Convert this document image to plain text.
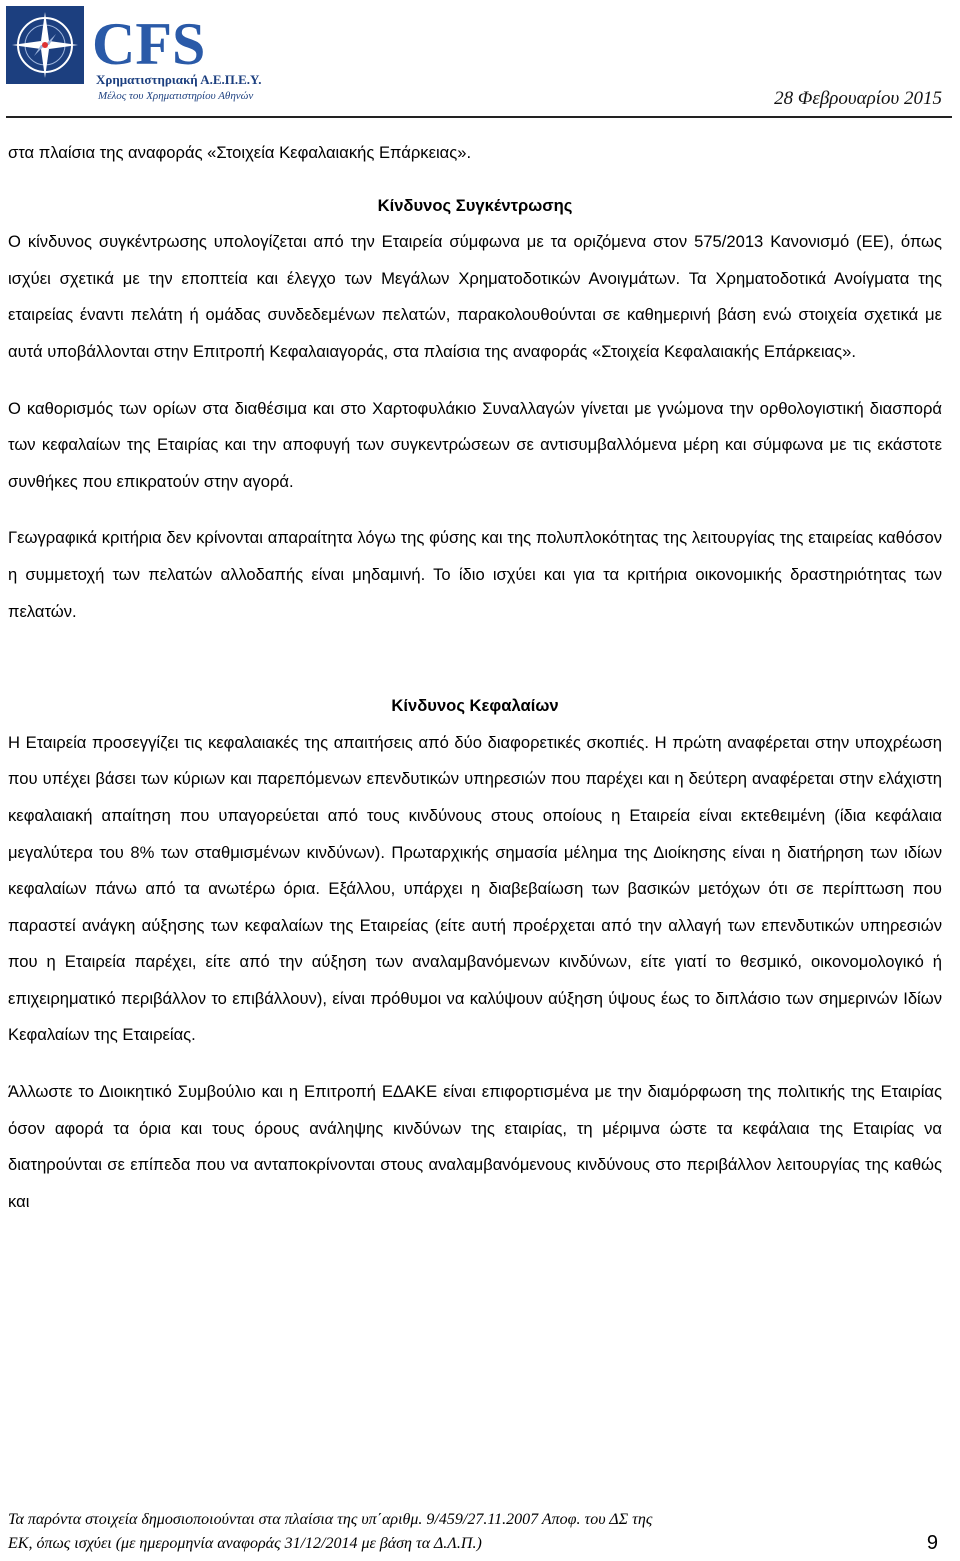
CFS
Χρηματιστηριακή Α.Ε.Π.Ε.Υ.
Μέλος του Χρηματιστηρίου Αθηνών	28 Φεβρουαρίου 2015

στα πλαίσια της αναφοράς «Στοιχεία Κεφαλαιακής Επάρκειας».

Κίνδυνος Συγκέντρωσης

Ο κίνδυνος συγκέντρωσης υπολογίζεται από την Εταιρεία σύμφωνα με τα οριζόμενα στον 575/2013 Κανονισμό (ΕΕ), όπως ισχύει σχετικά με την εποπτεία και έλεγχο των Μεγάλων Χρηματοδοτικών Ανοιγμάτων. Τα Χρηματοδοτικά Ανοίγματα της εταιρείας έναντι πελάτη ή ομάδας συνδεδεμένων πελατών, παρακολουθούνται σε καθημερινή βάση ενώ στοιχεία σχετικά με αυτά υποβάλλονται στην Επιτροπή Κεφαλαιαγοράς, στα πλαίσια της αναφοράς «Στοιχεία Κεφαλαιακής Επάρκειας».

Ο καθορισμός των ορίων στα διαθέσιμα και στο Χαρτοφυλάκιο Συναλλαγών γίνεται με γνώμονα την ορθολογιστική διασπορά των κεφαλαίων της Εταιρίας και την αποφυγή των συγκεντρώσεων σε αντισυμβαλλόμενα μέρη και σύμφωνα με τις εκάστοτε συνθήκες που επικρατούν στην αγορά.

Γεωγραφικά κριτήρια δεν κρίνονται απαραίτητα λόγω της φύσης και της πολυπλοκότητας της λειτουργίας της εταιρείας καθόσον η συμμετοχή των πελατών αλλοδαπής είναι μηδαμινή. Το ίδιο ισχύει και για τα κριτήρια οικονομικής δραστηριότητας των πελατών.

Κίνδυνος Κεφαλαίων

Η Εταιρεία προσεγγίζει τις κεφαλαιακές της απαιτήσεις από δύο διαφορετικές σκοπιές. Η πρώτη αναφέρεται στην υποχρέωση που υπέχει βάσει των κύριων και παρεπόμενων επενδυτικών υπηρεσιών που παρέχει και η δεύτερη αναφέρεται στην ελάχιστη κεφαλαιακή απαίτηση που υπαγορεύεται από τους κινδύνους στους οποίους η Εταιρεία είναι εκτεθειμένη (ίδια κεφάλαια μεγαλύτερα του 8% των σταθμισμένων κινδύνων). Πρωταρχικής σημασία μέλημα της Διοίκησης είναι η διατήρηση των ιδίων κεφαλαίων πάνω από τα ανωτέρω όρια. Εξάλλου, υπάρχει η διαβεβαίωση των βασικών μετόχων ότι σε περίπτωση που παραστεί ανάγκη αύξησης των κεφαλαίων της Εταιρείας (είτε αυτή προέρχεται από την αλλαγή των επενδυτικών υπηρεσιών που η Εταιρεία παρέχει, είτε από την αύξηση των αναλαμβανόμενων κινδύνων, είτε γιατί το θεσμικό, οικονομολογικό ή επιχειρηματικό περιβάλλον το επιβάλλουν), είναι πρόθυμοι να καλύψουν αύξηση ύψους έως το διπλάσιο των σημερινών Ιδίων Κεφαλαίων της Εταιρείας.

Άλλωστε το Διοικητικό Συμβούλιο και η Επιτροπή ΕΔΑΚΕ είναι επιφορτισμένα με την διαμόρφωση της πολιτικής της Εταιρίας όσον αφορά τα όρια και τους όρους ανάληψης κινδύνων της εταιρίας, τη μέριμνα ώστε τα κεφάλαια της Εταιρίας να διατηρούνται σε επίπεδα που να ανταποκρίνονται στους αναλαμβανόμενους κινδύνους στο περιβάλλον λειτουργίας της καθώς και

Τα παρόντα στοιχεία δημοσιοποιούνται στα πλαίσια της υπ΄αριθμ. 9/459/27.11.2007 Αποφ. του ΔΣ της
ΕΚ, όπως ισχύει (με ημερομηνία αναφοράς 31/12/2014 με βάση τα Δ.Λ.Π.)	9
